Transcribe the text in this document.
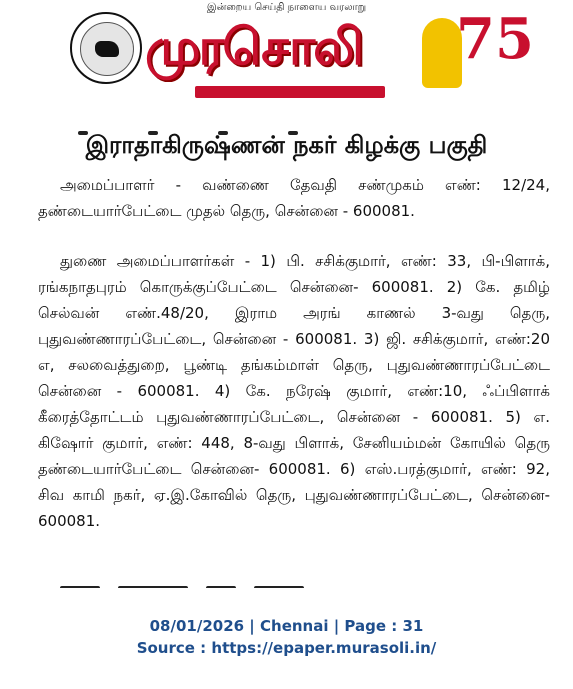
இன்றைய செய்தி நாளைய வரலாறு
முரசொலி	75
இராதாகிருஷ்ணன் நகர் கிழக்கு பகுதி
அமைப்பாளர் - வண்ணை தேவதி சண்முகம் எண்: 12/24, தண்டையார்பேட்டை முதல் தெரு, சென்னை - 600081.
துணை அமைப்பாளர்கள் - 1) பி. சசிக்குமார், எண்: 33, பி-பிளாக், ரங்கநாதபுரம் கொருக்குப்பேட்டை சென்னை- 600081. 2) கே. தமிழ் செல்வன் எண்.48/20, இராம அரங் காணல் 3-வது தெரு, புதுவண்ணாரப்பேட்டை, சென்னை - 600081. 3) ஜி. சசிக்குமார், எண்:20 எ, சலவைத்துறை, பூண்டி தங்கம்மாள் தெரு, புதுவண்ணாரப்பேட்டை சென்னை - 600081. 4) கே. நரேஷ் குமார், எண்:10, ஃப்பிளாக் கீரைத்தோட்டம் புதுவண்ணாரப்பேட்டை, சென்னை - 600081. 5) எ. கிஷோர் குமார், எண்: 448, 8-வது பிளாக், சேனியம்மன் கோயில் தெரு தண்டையார்பேட்டை சென்னை- 600081. 6) எஸ்.பரத்குமார், எண்: 92, சிவ காமி நகர், ஏ.இ.கோவில் தெரு, புதுவண்ணாரப்பேட்டை, சென்னை- 600081.
08/01/2026 | Chennai | Page : 31
Source : https://epaper.murasoli.in/
